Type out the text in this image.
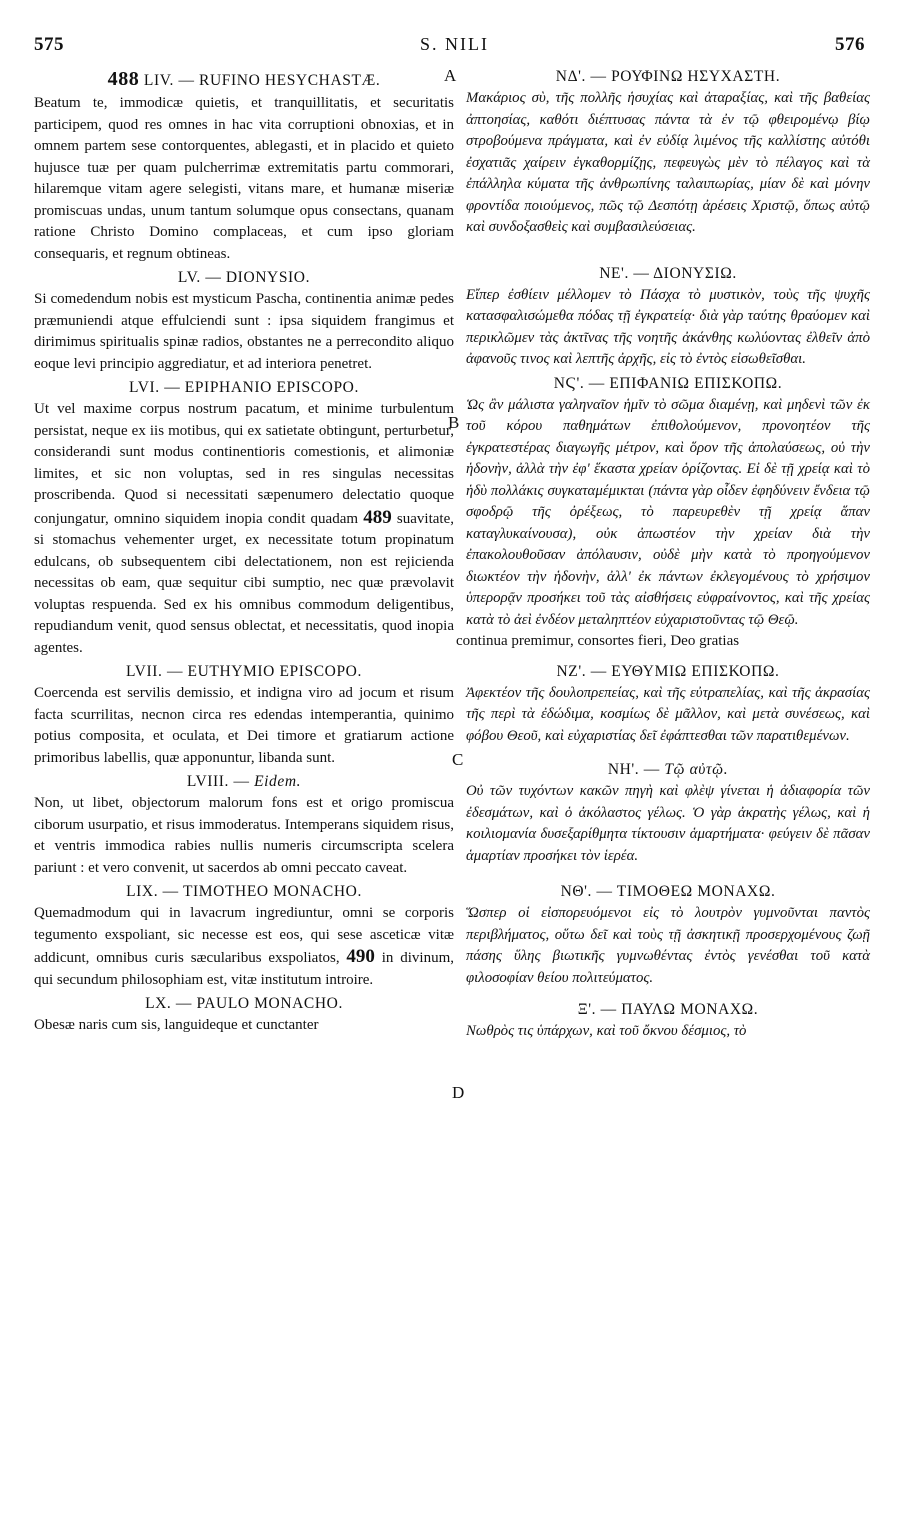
575	S. NILI	576
A
B
C
D
488 LIV. — RUFINO HESYCHASTÆ.

Beatum te, immodicæ quietis, et tranquillitatis, et securitatis participem, quod res omnes in hac vita corruptioni obnoxias, et in omnem partem sese contorquentes, ablegasti, et in placido et quieto hujusce tuæ per quam pulcherrimæ extremitatis partu commorari, hilaremque vitam agere selegisti, vitans mare, et humanæ miseriæ promiscuas undas, unum tantum solumque opus consectans, quanam ratione Christo Domino complaceas, et cum ipso gloriam consequaris, et regnum obtineas.

LV. — DIONYSIO.

Si comedendum nobis est mysticum Pascha, continentia animæ pedes præmuniendi atque effulciendi sunt : ipsa siquidem frangimus et dirimimus spiritualis spinæ radios, obstantes ne a perrecondito aliquo eoque levi principio aggrediatur, et ad interiora penetret.

LVI. — EPIPHANIO EPISCOPO.

Ut vel maxime corpus nostrum pacatum, et minime turbulentum persistat, neque ex iis motibus, qui ex satietate obtingunt, perturbetur, considerandi sunt modus continentioris comestionis, et alimoniæ limites, et sic non voluptas, sed in res singulas necessitas proscribenda. Quod si necessitati sæpenumero delectatio quoque conjungatur, omnino siquidem inopia condit quadam 489 suavitate, si stomachus vehementer urget, ex necessitate totum propinatum edulcans, ob subsequentem cibi delectationem, non est rejicienda necessitas ob eam, quæ sequitur cibi sumptio, nec quæ prævolavit voluptas respuenda. Sed ex his omnibus commodum deligentibus, repudiandum venit, quod sensus oblectat, et necessitatis, quod inopia agentes.

LVII. — EUTHYMIO EPISCOPO.

Coercenda est servilis demissio, et indigna viro ad jocum et risum facta scurrilitas, necnon circa res edendas intemperantia, quinimo potius composita, et oculata, et Dei timore et gratiarum actione primoribus labellis, quæ apponuntur, libanda sunt.

LVIII. — Eidem.

Non, ut libet, objectorum malorum fons est et origo promiscua ciborum usurpatio, et risus immoderatus. Intemperans siquidem risus, et ventris immodica rabies nullis numeris circumscripta scelera pariunt : et vero convenit, ut sacerdos ab omni peccato caveat.

LIX. — TIMOTHEO MONACHO.

Quemadmodum qui in lavacrum ingrediuntur, omni se corporis tegumento exspoliant, sic necesse est eos, qui sese asceticæ vitæ addicunt, omnibus curis sæcularibus exspoliatos, 490 in divinum, qui secundum philosophiam est, vitæ institutum introire.

LX. — PAULO MONACHO.

Obesæ naris cum sis, languideque et cunctanter

ΝΔ'. — ΡΟΥΦΙΝΩ ΗΣΥΧΑΣΤΗ.

Μακάριος σὺ, τῆς πολλῆς ἡσυχίας καὶ ἀταραξίας, καὶ τῆς βαθείας ἀπτοησίας, καθότι διέπτυσας πάντα τὰ ἐν τῷ φθειρομένῳ βίῳ στροβούμενα πράγματα, καὶ ἐν εὐδίᾳ λιμένος τῆς καλλίστης αὐτόθι ἐσχατιᾶς χαίρειν ἐγκαθορμίζῃς, πεφευγὼς μὲν τὸ πέλαγος καὶ τὰ ἐπάλληλα κύματα τῆς ἀνθρωπίνης ταλαιπωρίας, μίαν δὲ καὶ μόνην φροντίδα ποιούμενος, πῶς τῷ Δεσπότῃ ἀρέσεις Χριστῷ, ὅπως αὐτῷ καὶ συνδοξασθεὶς καὶ συμβασιλεύσειας.

ΝΕ'. — ΔΙΟΝΥΣΙΩ.

Εἴπερ ἐσθίειν μέλλομεν τὸ Πάσχα τὸ μυστικὸν, τοὺς τῆς ψυχῆς κατασφαλισώμεθα πόδας τῇ ἐγκρατείᾳ· διὰ γὰρ ταύτης θραύομεν καὶ περικλῶμεν τὰς ἀκτῖνας τῆς νοητῆς ἀκάνθης κωλύοντας ἐλθεῖν ἀπὸ ἀφανοῦς τινος καὶ λεπτῆς ἀρχῆς, εἰς τὸ ἐντὸς εἰσωθεῖσθαι.

ΝϚ'. — ΕΠΙΦΑΝΙΩ ΕΠΙΣΚΟΠΩ.

Ὡς ἂν μάλιστα γαληναῖον ἡμῖν τὸ σῶμα διαμένῃ, καὶ μηδενὶ τῶν ἐκ τοῦ κόρου παθημάτων ἐπιθολούμενον, προνοητέον τῆς ἐγκρατεστέρας διαγωγῆς μέτρον, καὶ ὅρον τῆς ἀπολαύσεως, οὐ τὴν ἡδονὴν, ἀλλὰ τὴν ἐφ' ἕκαστα χρείαν ὁρίζοντας. Εἰ δὲ τῇ χρείᾳ καὶ τὸ ἡδὺ πολλάκις συγκαταμέμικται (πάντα γὰρ οἶδεν ἐφηδύνειν ἔνδεια τῷ σφοδρῷ τῆς ὀρέξεως, τὸ παρευρεθὲν τῇ χρείᾳ ἅπαν καταγλυκαίνουσα), οὐκ ἀπωστέον τὴν χρείαν διὰ τὴν ἐπακολουθοῦσαν ἀπόλαυσιν, οὐδὲ μὴν κατὰ τὸ προηγούμενον διωκτέον τὴν ἡδονὴν, ἀλλ' ἐκ πάντων ἐκλεγομένους τὸ χρήσιμον ὑπερορᾷν προσήκει τοῦ τὰς αἰσθήσεις εὐφραίνοντος, καὶ τῆς χρείας κατὰ τὸ ἀεὶ ἐνδέον μεταληπτέον εὐχαριστοῦντας τῷ Θεῷ.

continua premimur, consortes fieri, Deo gratias

ΝΖ'. — ΕΥΘΥΜΙΩ ΕΠΙΣΚΟΠΩ.

Ἀφεκτέον τῆς δουλοπρεπείας, καὶ τῆς εὐτραπελίας, καὶ τῆς ἀκρασίας τῆς περὶ τὰ ἐδώδιμα, κοσμίως δὲ μᾶλλον, καὶ μετὰ συνέσεως, καὶ φόβου Θεοῦ, καὶ εὐχαριστίας δεῖ ἐφάπτεσθαι τῶν παρατιθεμένων.

ΝΗ'. — Τῷ αὐτῷ.

Οὐ τῶν τυχόντων κακῶν πηγὴ καὶ φλὲψ γίνεται ἡ ἀδιαφορία τῶν ἐδεσμάτων, καὶ ὁ ἀκόλαστος γέλως. Ὁ γὰρ ἀκρατὴς γέλως, καὶ ἡ κοιλιομανία δυσεξαρίθμητα τίκτουσιν ἁμαρτήματα· φεύγειν δὲ πᾶσαν ἁμαρτίαν προσήκει τὸν ἱερέα.

ΝΘ'. — ΤΙΜΟΘΕΩ ΜΟΝΑΧΩ.

Ὥσπερ οἱ εἰσπορευόμενοι εἰς τὸ λουτρὸν γυμνοῦνται παντὸς περιβλήματος, οὕτω δεῖ καὶ τοὺς τῇ ἀσκητικῇ προσερχομένους ζωῇ πάσης ὕλης βιωτικῆς γυμνωθέντας ἐντὸς γενέσθαι τοῦ κατὰ φιλοσοφίαν θείου πολιτεύματος.

Ξ'. — ΠΑΥΛΩ ΜΟΝΑΧΩ.

Νωθρὸς τις ὑπάρχων, καὶ τοῦ ὄκνου δέσμιος, τὸ
